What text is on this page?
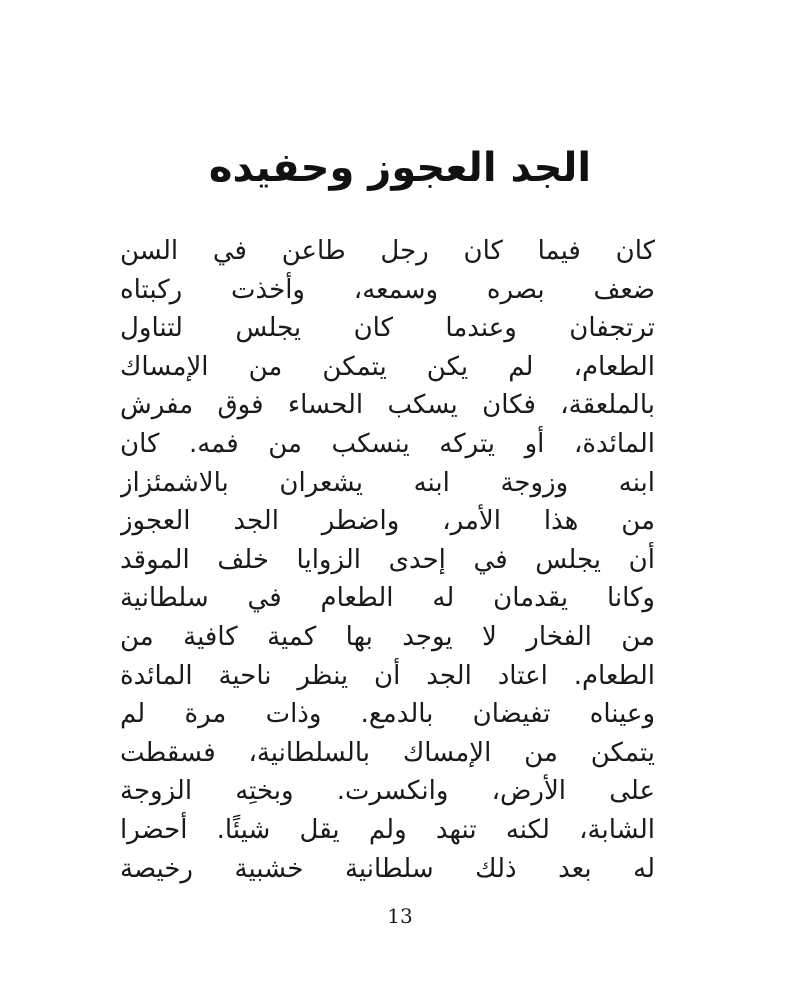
الجد العجوز وحفيده
كان فيما كان رجل طاعن في السن
ضعف بصره وسمعه، وأخذت ركبتاه
ترتجفان وعندما كان يجلس لتناول
الطعام، لم يكن يتمكن من الإمساك
بالملعقة، فكان يسكب الحساء فوق مفرش
المائدة، أو يتركه ينسكب من فمه. كان
ابنه وزوجة ابنه يشعران بالاشمئزاز
من هذا الأمر، واضطر الجد العجوز
أن يجلس في إحدى الزوايا خلف الموقد
وكانا يقدمان له الطعام في سلطانية
من الفخار لا يوجد بها كمية كافية من
الطعام. اعتاد الجد أن ينظر ناحية المائدة
وعيناه تفيضان بالدمع. وذات مرة لم
يتمكن من الإمساك بالسلطانية، فسقطت
على الأرض، وانكسرت. وبختِه الزوجة
الشابة، لكنه تنهد ولم يقل شيئًا. أحضرا
له بعد ذلك سلطانية خشبية رخيصة
13
